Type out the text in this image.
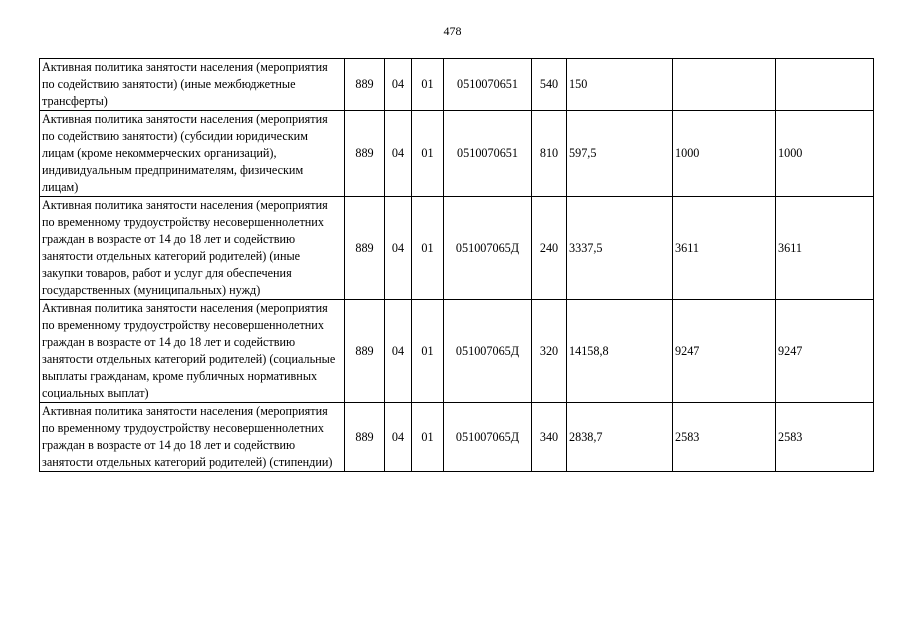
478
Активная политика занятости населения (мероприятия по содействию занятости) (иные межбюджетные трансферты)	889	04	01	0510070651	540	150		
Активная политика занятости населения (мероприятия по содействию занятости) (субсидии юридическим лицам (кроме некоммерческих организаций), индивидуальным предпринимателям, физическим лицам)	889	04	01	0510070651	810	597,5	1000	1000
Активная политика занятости населения (мероприятия по временному трудоустройству несовершеннолетних граждан в возрасте от 14 до 18 лет и содействию занятости отдельных категорий родителей) (иные закупки товаров, работ и услуг для обеспечения государственных (муниципальных) нужд)	889	04	01	051007065Д	240	3337,5	3611	3611
Активная политика занятости населения (мероприятия по временному трудоустройству несовершеннолетних граждан в возрасте от 14 до 18 лет и содействию занятости отдельных категорий родителей) (социальные выплаты гражданам, кроме публичных нормативных социальных выплат)	889	04	01	051007065Д	320	14158,8	9247	9247
Активная политика занятости населения (мероприятия по временному трудоустройству несовершеннолетних граждан в возрасте от 14 до 18 лет и содействию занятости отдельных категорий родителей) (стипендии)	889	04	01	051007065Д	340	2838,7	2583	2583
